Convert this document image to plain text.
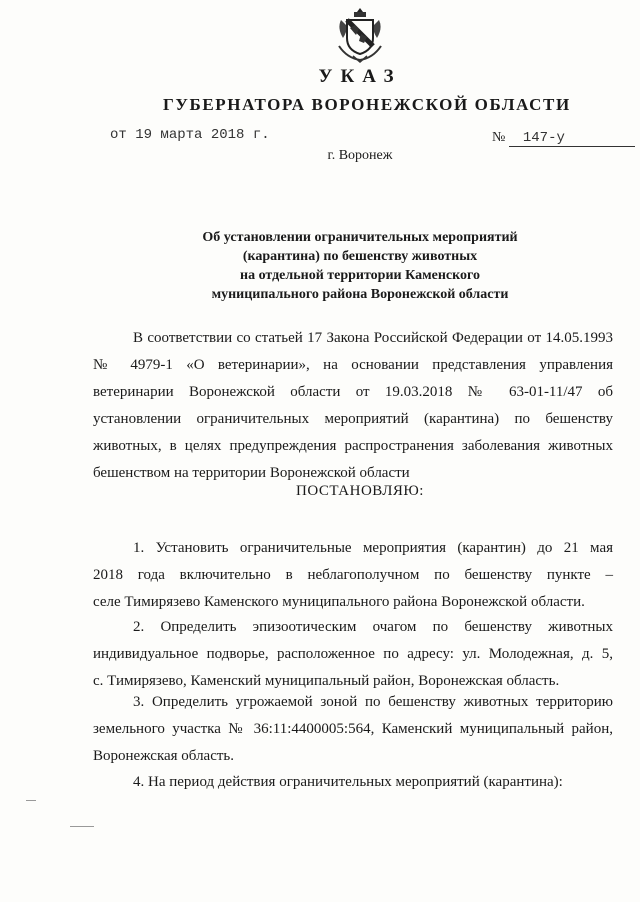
УКАЗ
ГУБЕРНАТОРА ВОРОНЕЖСКОЙ ОБЛАСТИ
от 19 марта 2018 г.	№ 147-у
г. Воронеж
Об установлении ограничительных мероприятий
(карантина) по бешенству животных
на отдельной территории Каменского
муниципального района Воронежской области
В соответствии со статьей 17 Закона Российской Федерации от 14.05.1993
№ 4979-1 «О ветеринарии», на основании представления управления
ветеринарии Воронежской области от 19.03.2018 № 63-01-11/47 об
установлении ограничительных мероприятий (карантина) по бешенству
животных, в целях предупреждения распространения заболевания животных
бешенством на территории Воронежской области
ПОСТАНОВЛЯЮ:
1. Установить ограничительные мероприятия (карантин) до 21 мая
2018 года включительно в неблагополучном по бешенству пункте –
селе Тимирязево Каменского муниципального района Воронежской области.
2. Определить эпизоотическим очагом по бешенству животных
индивидуальное подворье, расположенное по адресу: ул. Молодежная, д. 5,
с. Тимирязево, Каменский муниципальный район, Воронежская область.
3. Определить угрожаемой зоной по бешенству животных территорию
земельного участка № 36:11:4400005:564, Каменский муниципальный район,
Воронежская область.
4. На период действия ограничительных мероприятий (карантина):
